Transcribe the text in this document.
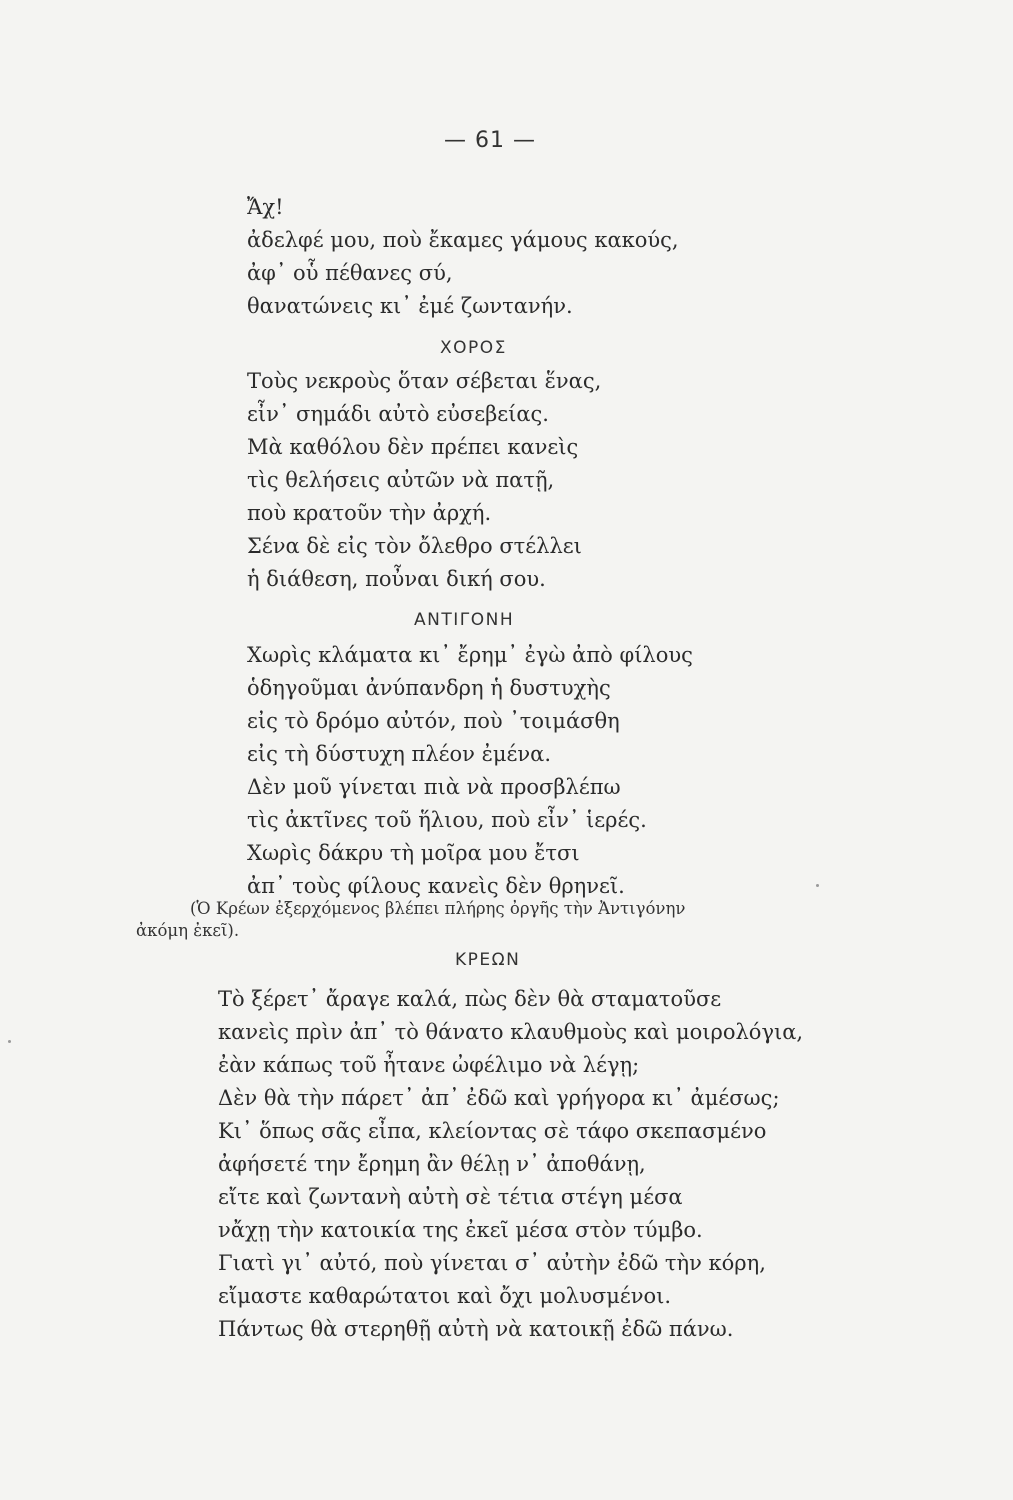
— 61 —
Ἄχ!
ἀδελφέ μου, ποὺ ἔκαμες γάμους κακούς,
ἀφ᾿ οὗ πέθανες σύ,
θανατώνεις κι᾿ ἐμέ ζωντανήν.
ΧΟΡΟΣ
Τοὺς νεκροὺς ὅταν σέβεται ἕνας,
εἶν᾿ σημάδι αὐτὸ εὐσεβείας.
Μὰ καθόλου δὲν πρέπει κανεὶς
τὶς θελήσεις αὐτῶν νὰ πατῇ,
ποὺ κρατοῦν τὴν ἀρχή.
Σένα δὲ εἰς τὸν ὄλεθρο στέλλει
ἡ διάθεση, ποὖναι δική σου.
ΑΝΤΙΓΟΝΗ
Χωρὶς κλάματα κι᾿ ἔρημ᾿ ἐγὼ ἀπὸ φίλους
ὁδηγοῦμαι ἀνύπανδρη ἡ δυστυχὴς
εἰς τὸ δρόμο αὐτόν, ποὺ ᾿τοιμάσθη
εἰς τὴ δύστυχη πλέον ἐμένα.
Δὲν μοῦ γίνεται πιὰ νὰ προσβλέπω
τὶς ἀκτῖνες τοῦ ἥλιου, ποὺ εἶν᾿ ἱερές.
Χωρὶς δάκρυ τὴ μοῖρα μου ἔτσι
ἀπ᾿ τοὺς φίλους κανεὶς δὲν θρηνεῖ.
(Ὁ Κρέων ἐξερχόμενος βλέπει πλήρης ὀργῆς τὴν Ἀντιγόνην
ἀκόμη ἐκεῖ).
ΚΡΕΩΝ
Τὸ ξέρετ᾿ ἄραγε καλά, πὼς δὲν θὰ σταματοῦσε
κανεὶς πρὶν ἀπ᾿ τὸ θάνατο κλαυθμοὺς καὶ μοιρολόγια,
ἐὰν κάπως τοῦ ἦτανε ὠφέλιμο νὰ λέγῃ;
Δὲν θὰ τὴν πάρετ᾿ ἀπ᾿ ἐδῶ καὶ γρήγορα κι᾿ ἀμέσως;
Κι᾿ ὅπως σᾶς εἶπα, κλείοντας σὲ τάφο σκεπασμένο
ἀφήσετέ την ἔρημη ἂν θέλῃ ν᾿ ἀποθάνῃ,
εἴτε καὶ ζωντανὴ αὐτὴ σὲ τέτια στέγη μέσα
νἄχῃ τὴν κατοικία της ἐκεῖ μέσα στὸν τύμβο.
Γιατὶ γι᾿ αὐτό, ποὺ γίνεται σ᾿ αὐτὴν ἐδῶ τὴν κόρη,
εἴμαστε καθαρώτατοι καὶ ὄχι μολυσμένοι.
Πάντως θὰ στερηθῇ αὐτὴ νὰ κατοικῇ ἐδῶ πάνω.
